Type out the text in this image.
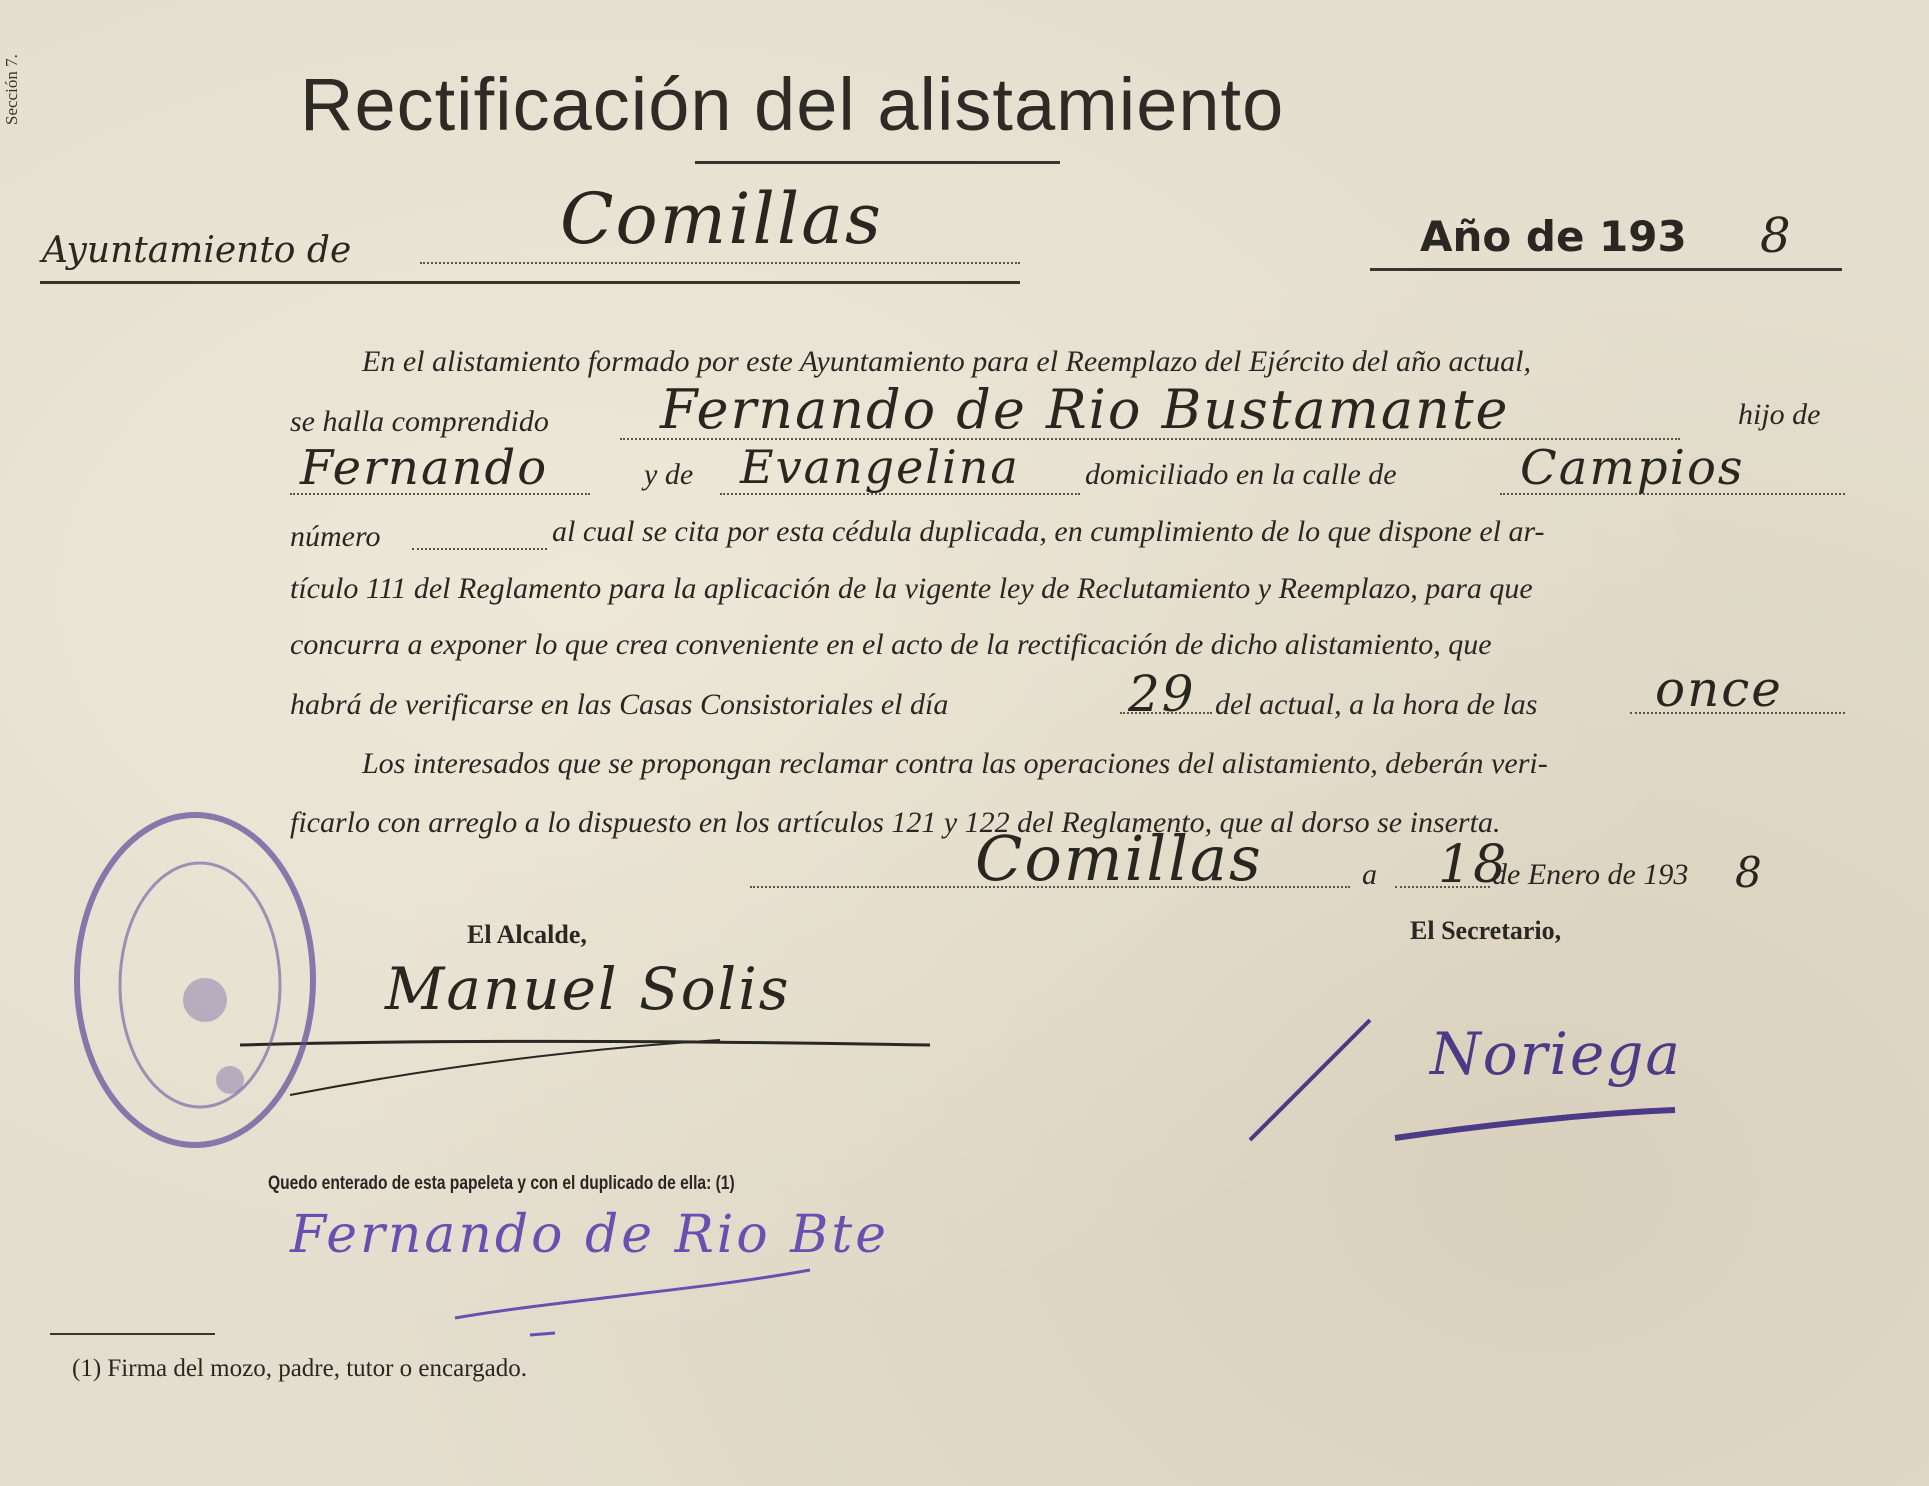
Sección 7.	Rectificación del alistamiento
Ayuntamiento de	Comillas	Año de 193 8
En el alistamiento formado por este Ayuntamiento para el Reemplazo del Ejército del año actual,
se halla comprendido Fernando de Rio Bustamante	hijo de
Fernando	y de Evangelina domiciliado en la calle de	Campios
número	al cual se cita por esta cédula duplicada, en cumplimiento de lo que dispone el ar-
tículo 111 del Reglamento para la aplicación de la vigente ley de Reclutamiento y Reemplazo, para que
concurra a exponer lo que crea conveniente en el acto de la rectificación de dicho alistamiento, que
habrá de verificarse en las Casas Consistoriales el día	29 del actual, a la hora de las once
Los interesados que se propongan reclamar contra las operaciones del alistamiento, deberán veri-
ficarlo con arreglo a lo dispuesto en los artículos 121 y 122 del Reglamento, que al dorso se inserta.
Comillas	a 18
de Enero de 193 8
El Alcalde,	El Secretario,
Manuel Solis
Noriega
Quedo enterado de esta papeleta y con el duplicado de ella: (1)
Fernando de Rio Bte
(1) Firma del mozo, padre, tutor o encargado.
